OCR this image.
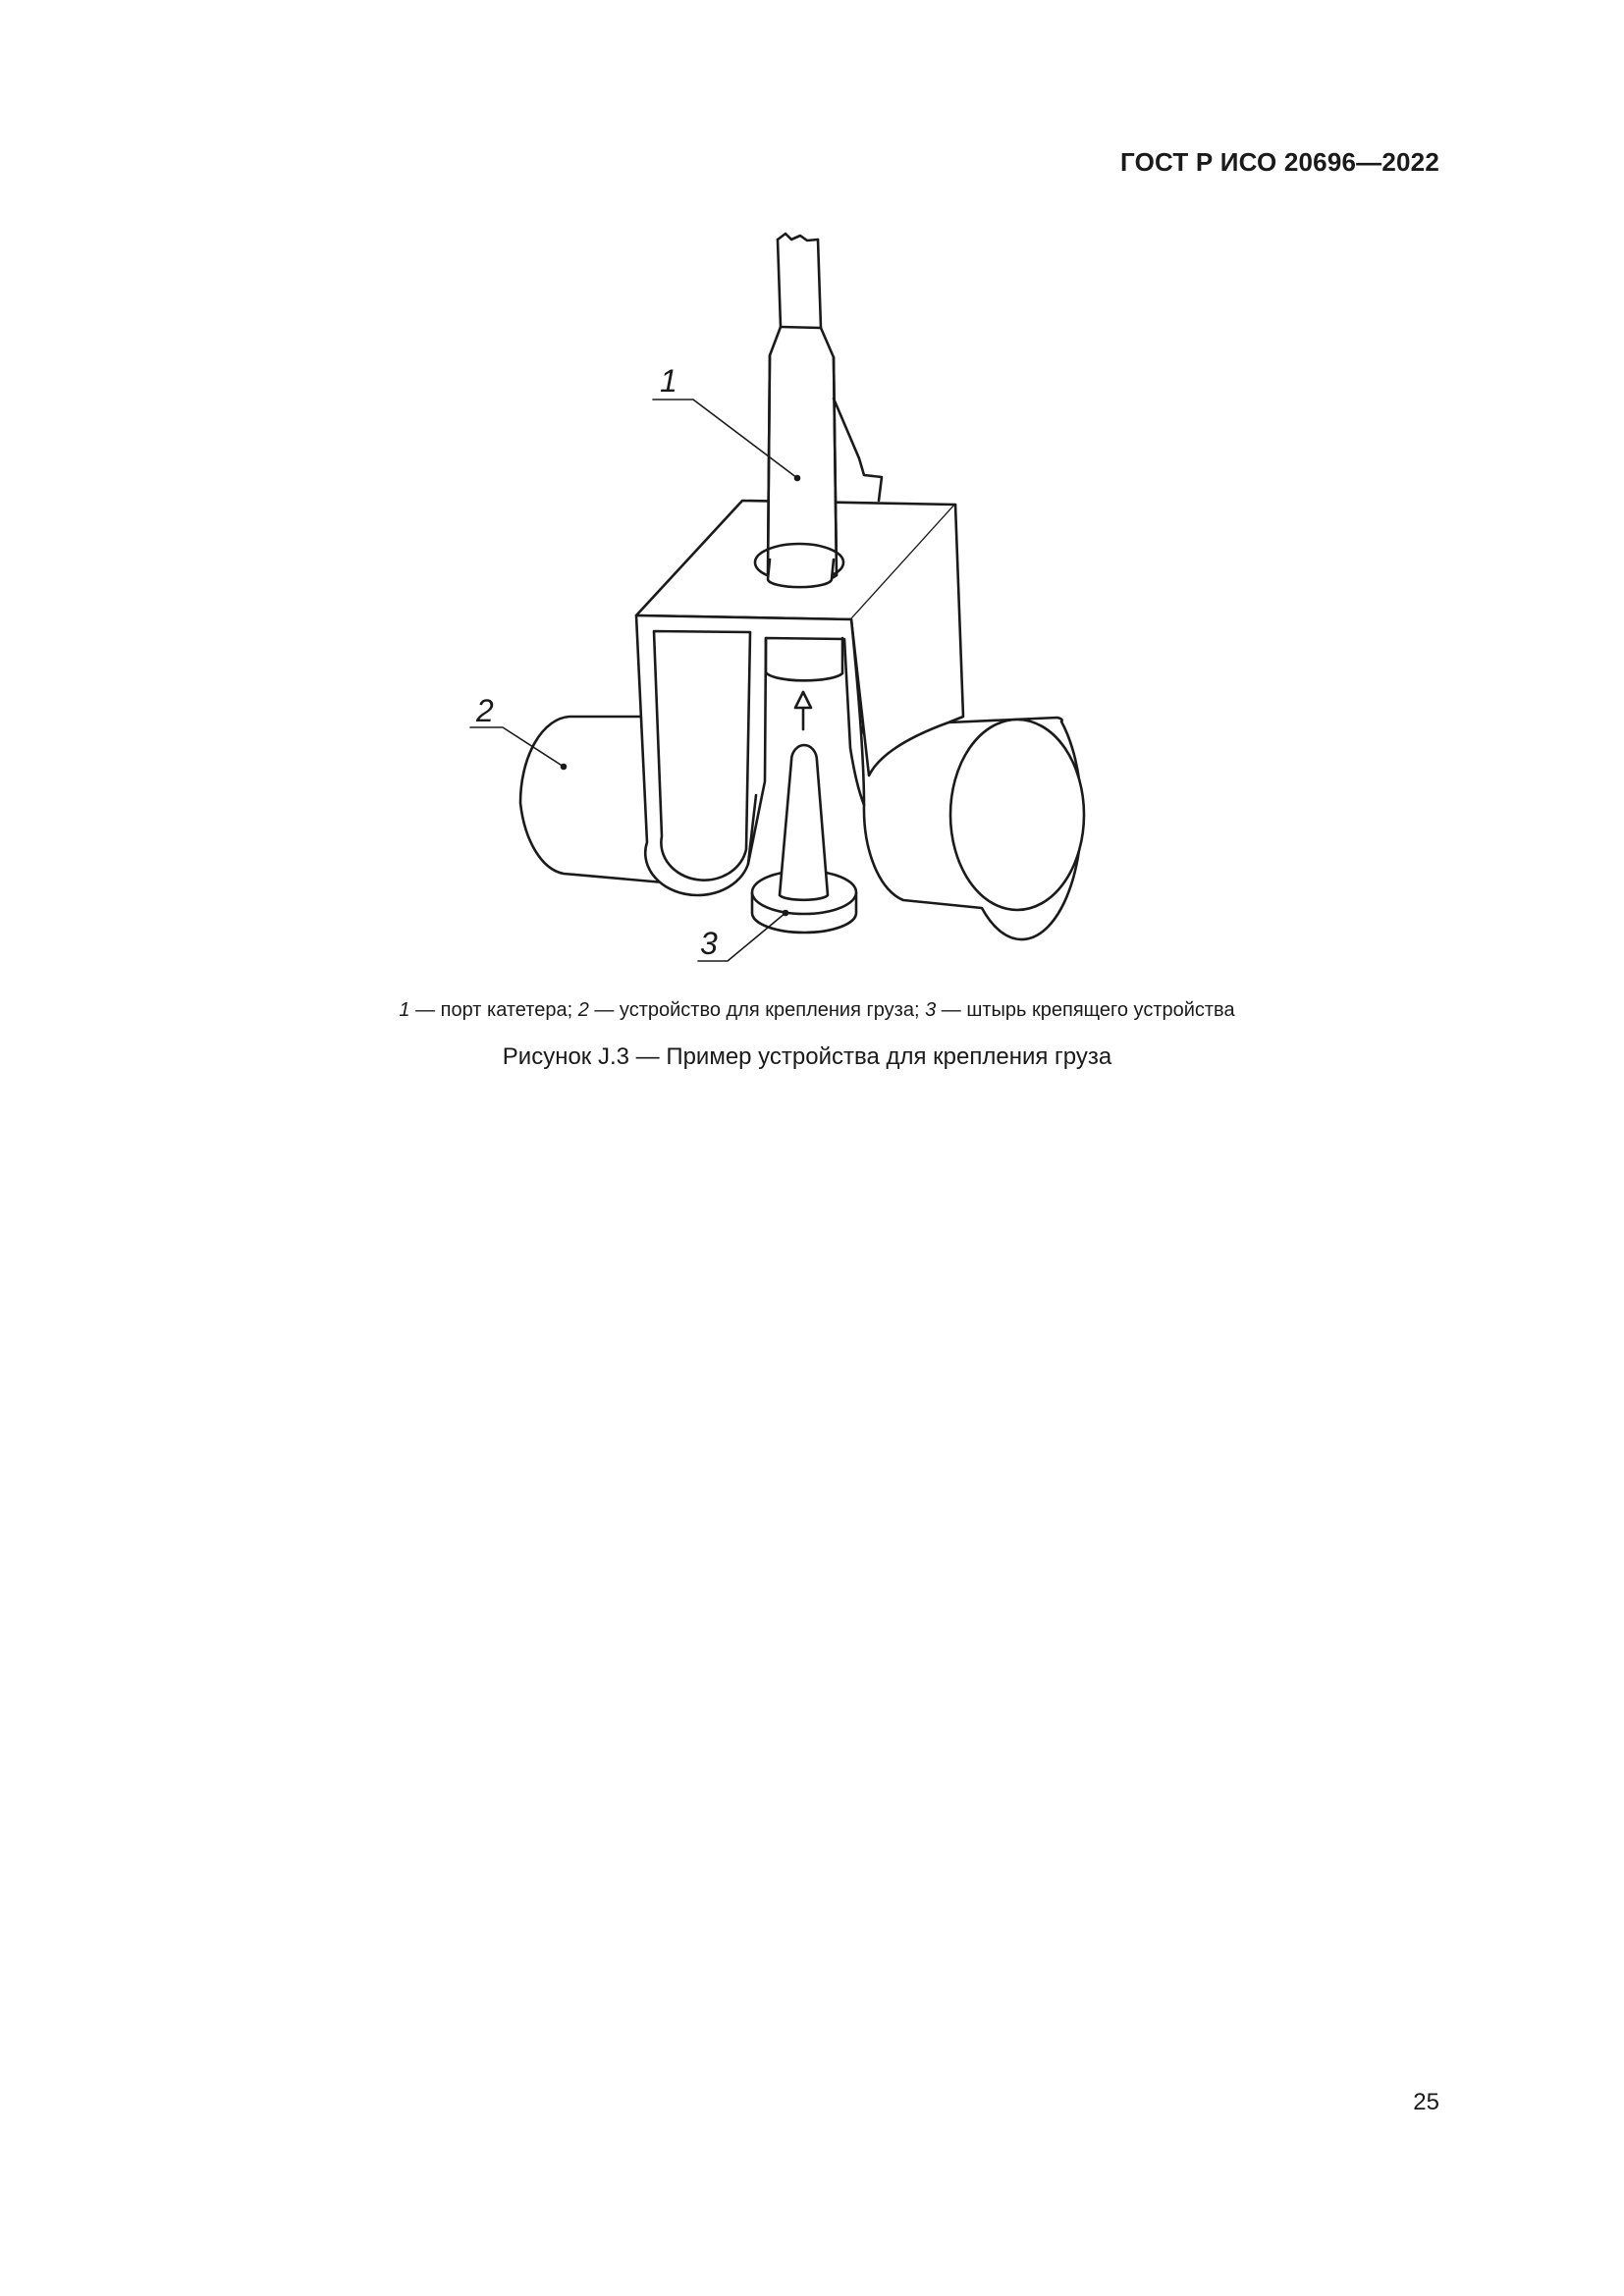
ГОСТ Р ИСО 20696—2022
1
2
3
1 — порт катетера; 2 — устройство для крепления груза; 3 — штырь крепящего устройства
Рисунок J.3 — Пример устройства для крепления груза
25
